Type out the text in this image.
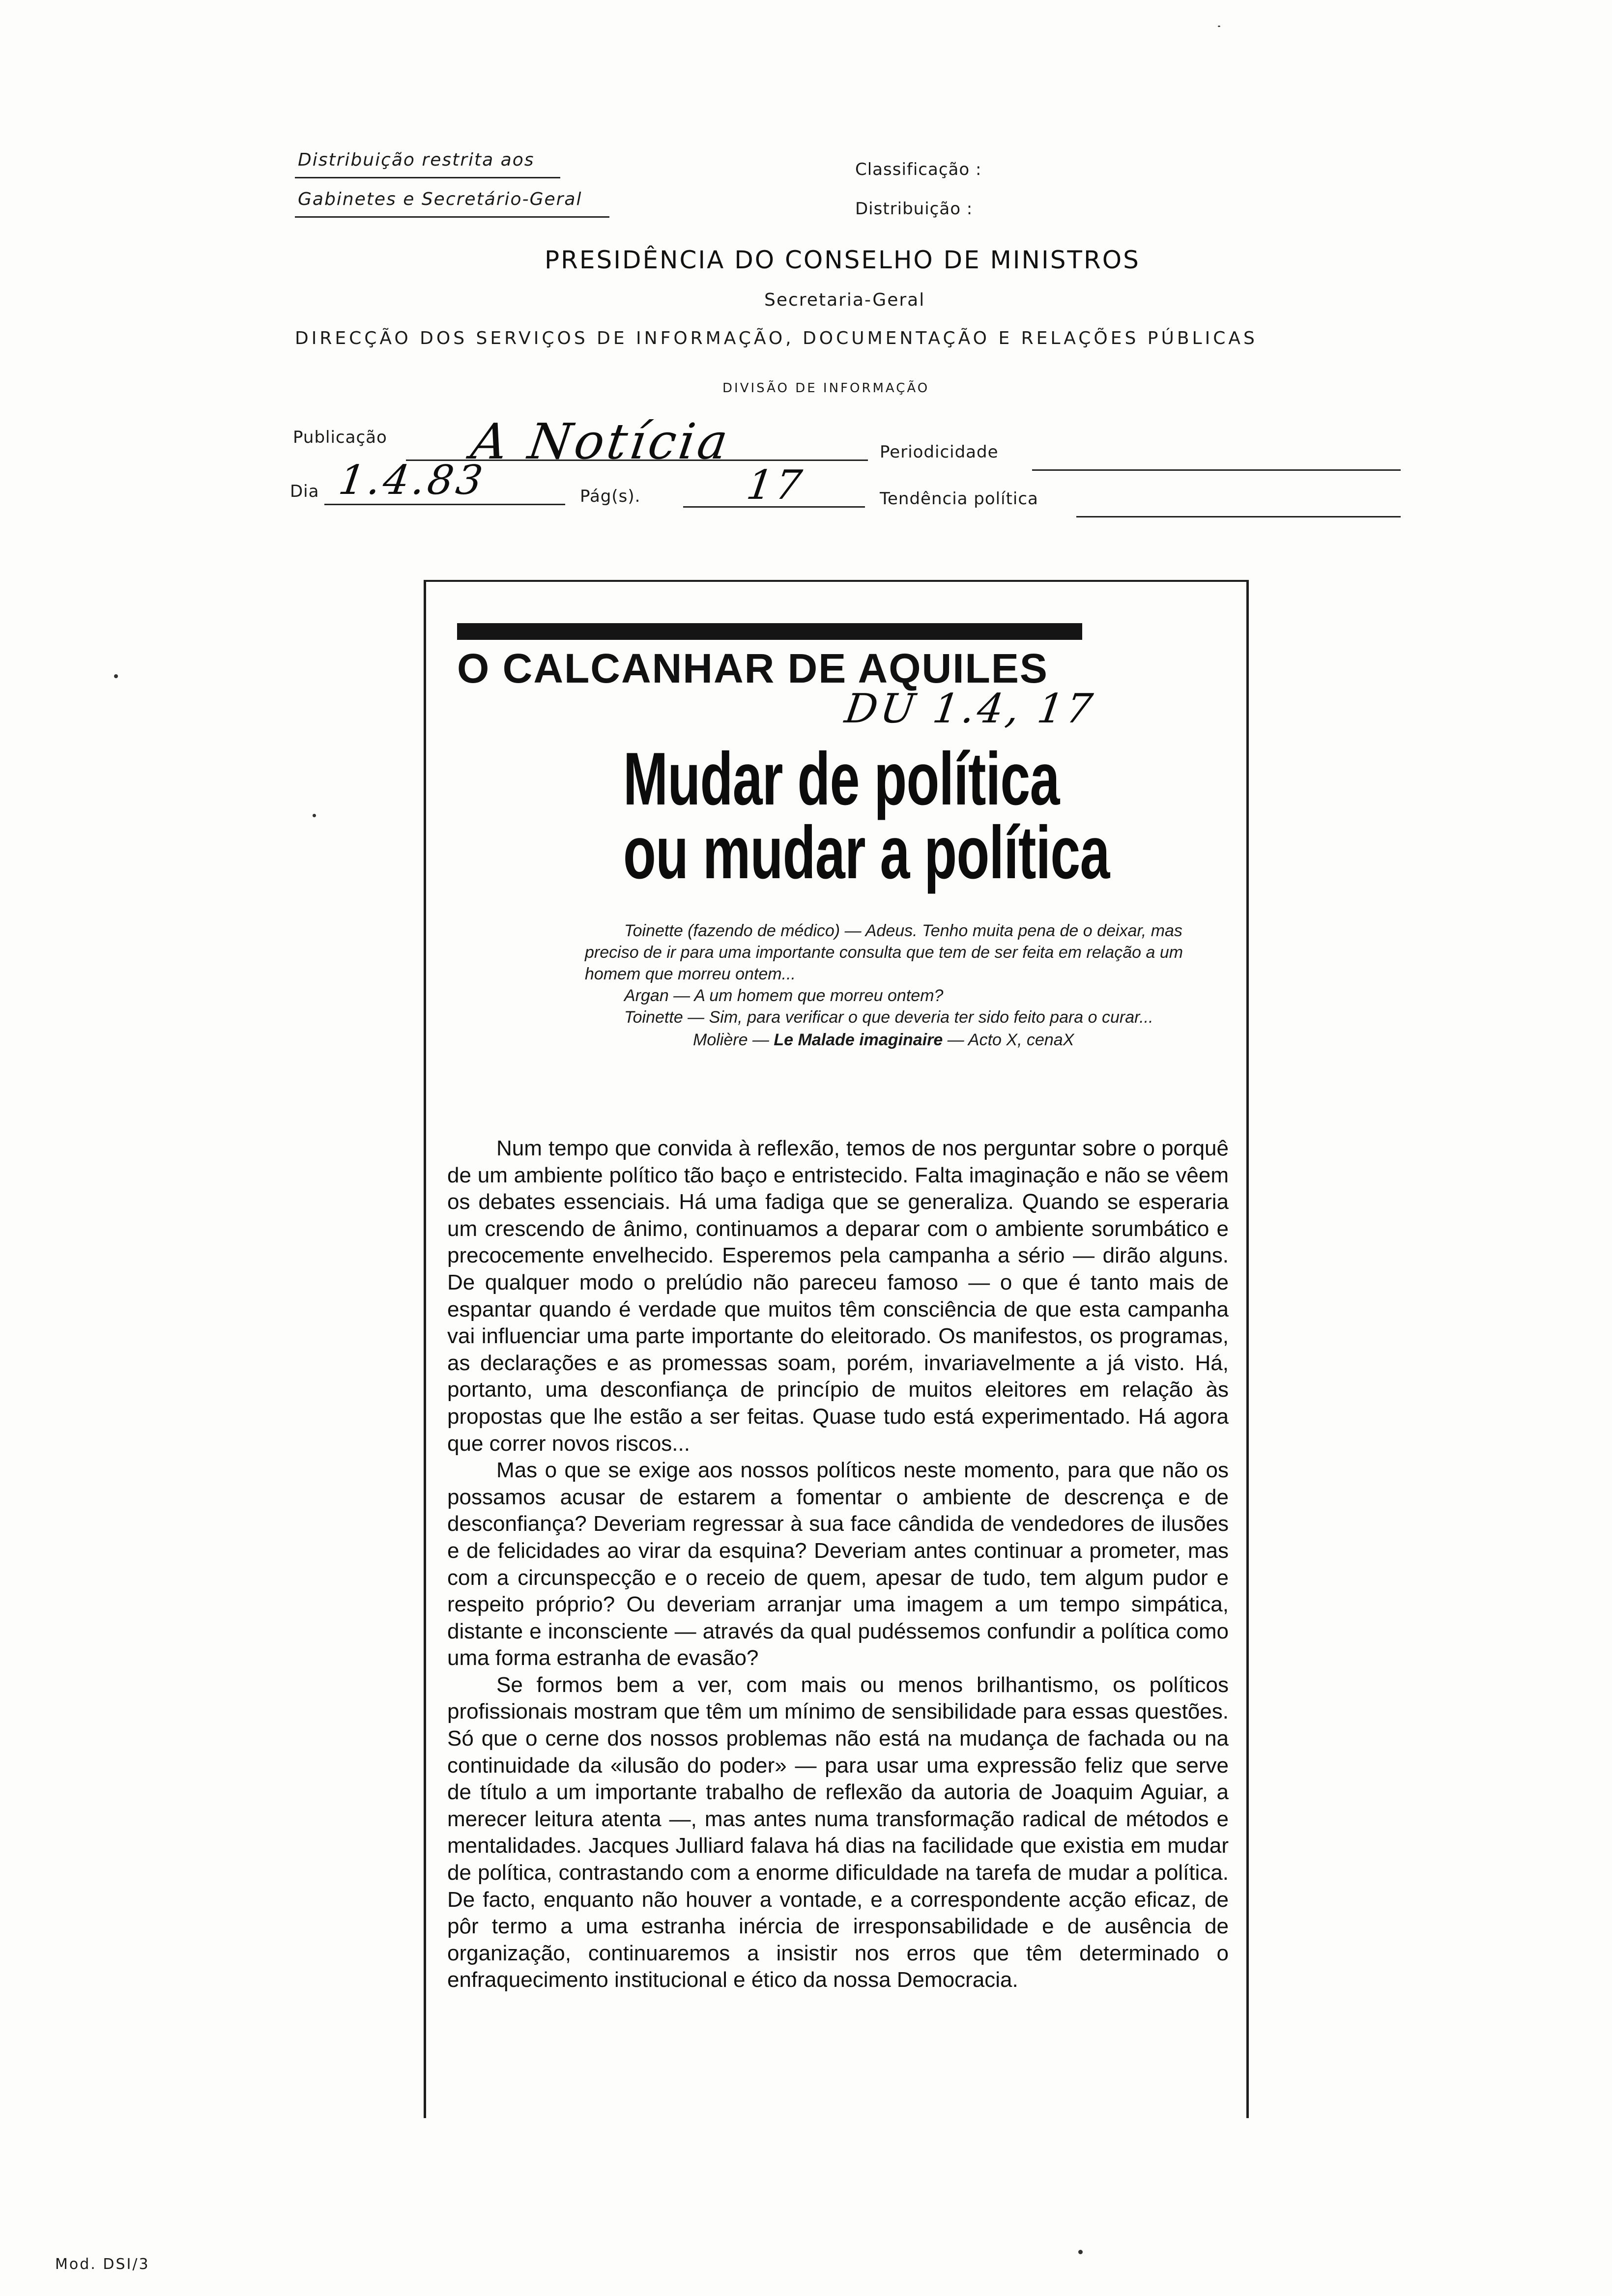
Distribuição restrita aos
Gabinetes e Secretário-Geral
Classificação :
Distribuição :
PRESIDÊNCIA DO CONSELHO DE MINISTROS
Secretaria-Geral
DIRECÇÃO DOS SERVIÇOS DE INFORMAÇÃO, DOCUMENTAÇÃO E RELAÇÕES PÚBLICAS
DIVISÃO DE INFORMAÇÃO
Publicação A Notícia	Periodicidade
Dia 1.4.83	Pág(s).	17	Tendência política
O CALCANHAR DE AQUILES
DU 1.4, 17
Mudar de política
ou mudar a política

Toinette (fazendo de médico) — Adeus. Tenho muita pena de o deixar, mas preciso de ir para uma importante consulta que tem de ser feita em relação a um homem que morreu ontem...

Argan — A um homem que morreu ontem?

Toinette — Sim, para verificar o que deveria ter sido feito para o curar...

Molière — Le Malade imaginaire — Acto X, cenaX

Num tempo que convida à reflexão, temos de nos perguntar sobre o porquê de um ambiente político tão baço e entristecido. Falta imaginação e não se vêem os debates essenciais. Há uma fadiga que se generaliza. Quando se esperaria um crescendo de ânimo, continuamos a deparar com o ambiente sorumbático e precocemente envelhecido. Esperemos pela campanha a sério — dirão alguns. De qualquer modo o prelúdio não pareceu famoso — o que é tanto mais de espantar quando é verdade que muitos têm consciência de que esta campanha vai influenciar uma parte importante do eleitorado. Os manifestos, os programas, as declarações e as promessas soam, porém, invariavelmente a já visto. Há, portanto, uma desconfiança de princípio de muitos eleitores em relação às propostas que lhe estão a ser feitas. Quase tudo está experimentado. Há agora que correr novos riscos...

Mas o que se exige aos nossos políticos neste momento, para que não os possamos acusar de estarem a fomentar o ambiente de descrença e de desconfiança? Deveriam regressar à sua face cândida de vendedores de ilusões e de felicidades ao virar da esquina? Deveriam antes continuar a prometer, mas com a circunspecção e o receio de quem, apesar de tudo, tem algum pudor e respeito próprio? Ou deveriam arranjar uma imagem a um tempo simpática, distante e inconsciente — através da qual pudéssemos confundir a política como uma forma estranha de evasão?

Se formos bem a ver, com mais ou menos brilhantismo, os políticos profissionais mostram que têm um mínimo de sensibilidade para essas questões. Só que o cerne dos nossos problemas não está na mudança de fachada ou na continuidade da «ilusão do poder» — para usar uma expressão feliz que serve de título a um importante trabalho de reflexão da autoria de Joaquim Aguiar, a merecer leitura atenta —, mas antes numa transformação radical de métodos e mentalidades. Jacques Julliard falava há dias na facilidade que existia em mudar de política, contrastando com a enorme dificuldade na tarefa de mudar a política. De facto, enquanto não houver a vontade, e a correspondente acção eficaz, de pôr termo a uma estranha inércia de irresponsabilidade e de ausência de organização, continuaremos a insistir nos erros que têm determinado o enfraquecimento institucional e ético da nossa Democracia.

Mod. DSI/3
